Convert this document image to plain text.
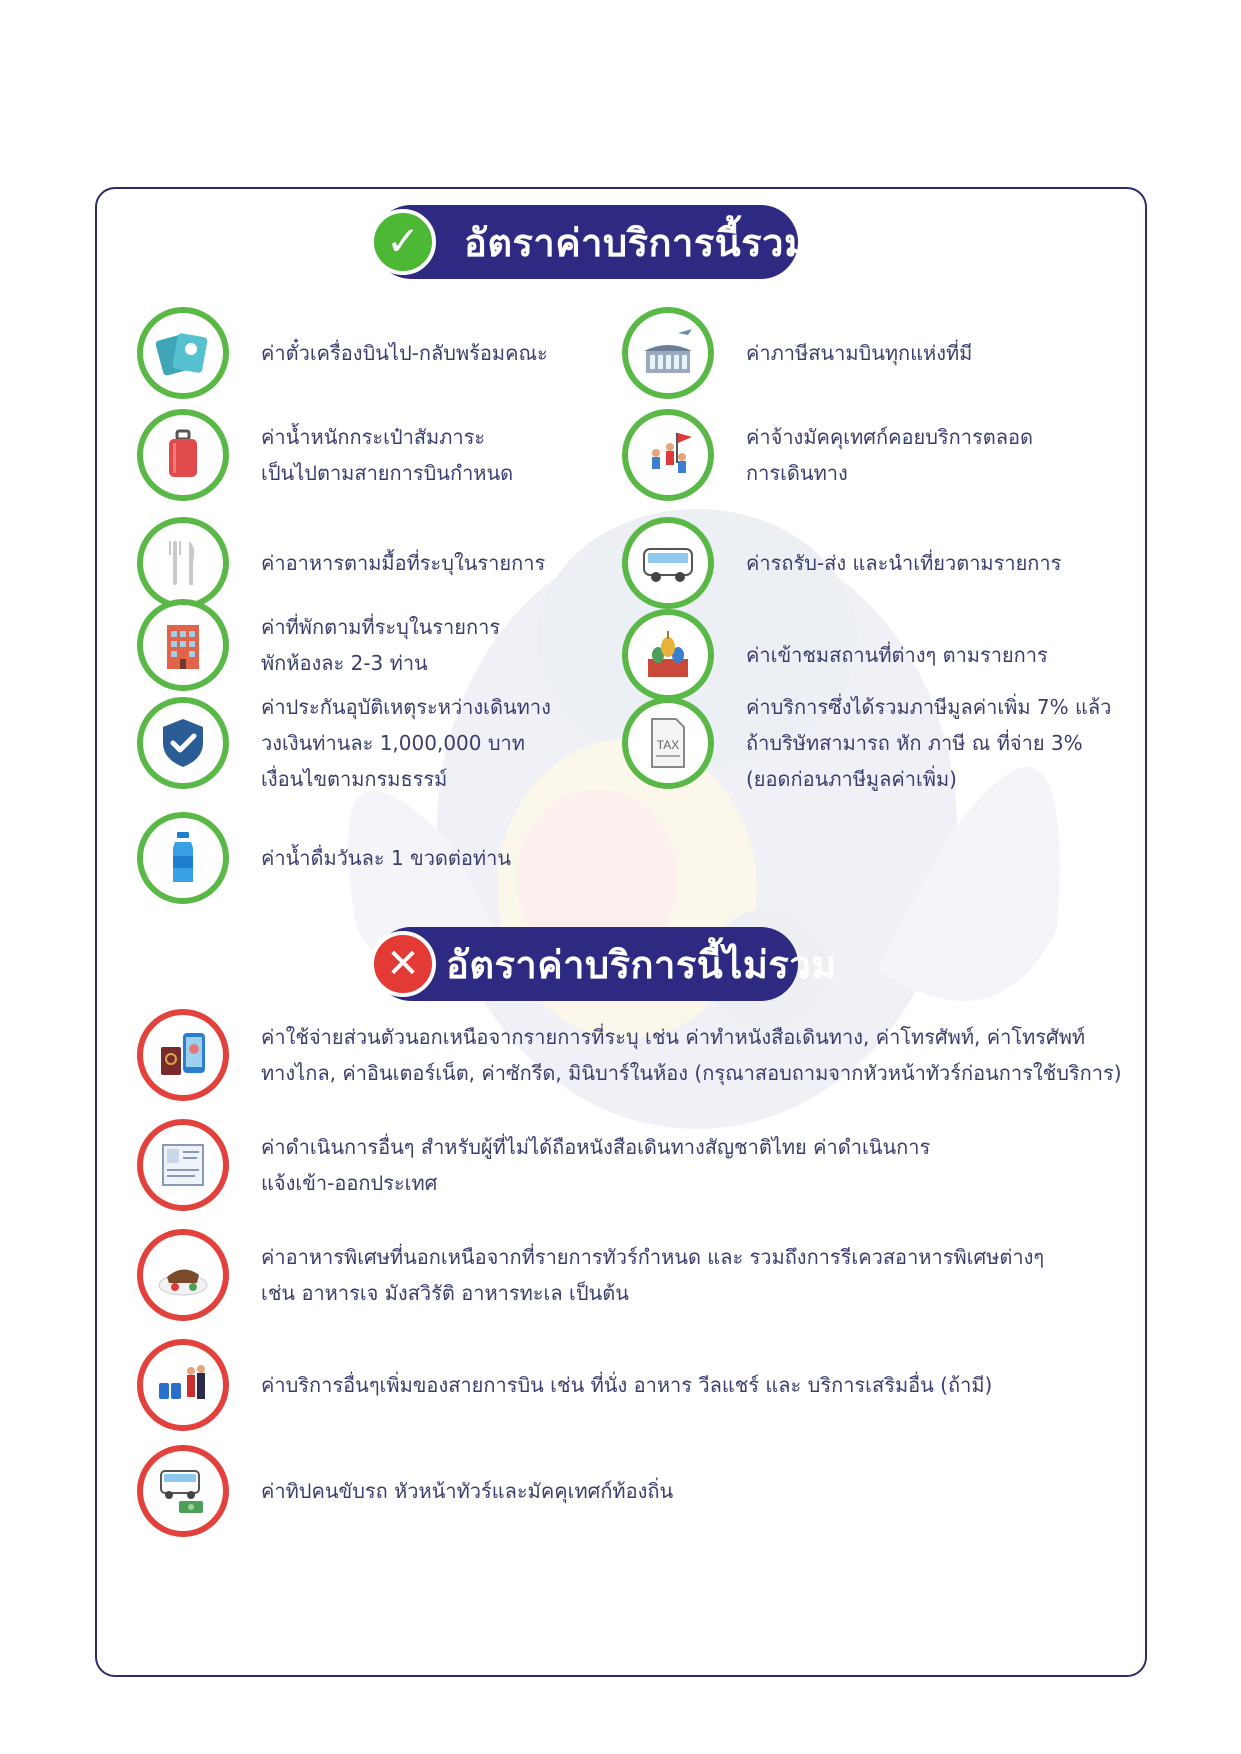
✓	อัตราค่าบริการนี้รวม
ค่าตั๋วเครื่องบินไป-กลับพร้อมคณะ
ค่าน้ำหนักกระเป๋าสัมภาระ
เป็นไปตามสายการบินกำหนด
ค่าอาหารตามมื้อที่ระบุในรายการ
ค่าที่พักตามที่ระบุในรายการ
พักห้องละ 2-3 ท่าน
ค่าประกันอุบัติเหตุระหว่างเดินทาง
วงเงินท่านละ 1,000,000 บาท
เงื่อนไขตามกรมธรรม์
ค่าน้ำดื่มวันละ 1 ขวดต่อท่าน
ค่าภาษีสนามบินทุกแห่งที่มี
ค่าจ้างมัคคุเทศก์คอยบริการตลอด
การเดินทาง
ค่ารถรับ-ส่ง และนำเที่ยวตามรายการ
ค่าเข้าชมสถานที่ต่างๆ ตามรายการ
TAX
ค่าบริการซึ่งได้รวมภาษีมูลค่าเพิ่ม 7% แล้ว
ถ้าบริษัทสามารถ หัก ภาษี ณ ที่จ่าย 3%
(ยอดก่อนภาษีมูลค่าเพิ่ม)
✕ อัตราค่าบริการนี้ไม่รวม
ค่าใช้จ่ายส่วนตัวนอกเหนือจากรายการที่ระบุ เช่น ค่าทำหนังสือเดินทาง, ค่าโทรศัพท์, ค่าโทรศัพท์
ทางไกล, ค่าอินเตอร์เน็ต, ค่าซักรีด, มินิบาร์ในห้อง (กรุณาสอบถามจากหัวหน้าทัวร์ก่อนการใช้บริการ)
ค่าดำเนินการอื่นๆ สำหรับผู้ที่ไม่ได้ถือหนังสือเดินทางสัญชาติไทย ค่าดำเนินการ
แจ้งเข้า-ออกประเทศ
ค่าอาหารพิเศษที่นอกเหนือจากที่รายการทัวร์กำหนด และ รวมถึงการรีเควสอาหารพิเศษต่างๆ
เช่น อาหารเจ มังสวิรัติ อาหารทะเล เป็นต้น
ค่าบริการอื่นๆเพิ่มของสายการบิน เช่น ที่นั่ง อาหาร วีลแชร์ และ บริการเสริมอื่น (ถ้ามี)
ค่าทิปคนขับรถ หัวหน้าทัวร์และมัคคุเทศก์ท้องถิ่น
